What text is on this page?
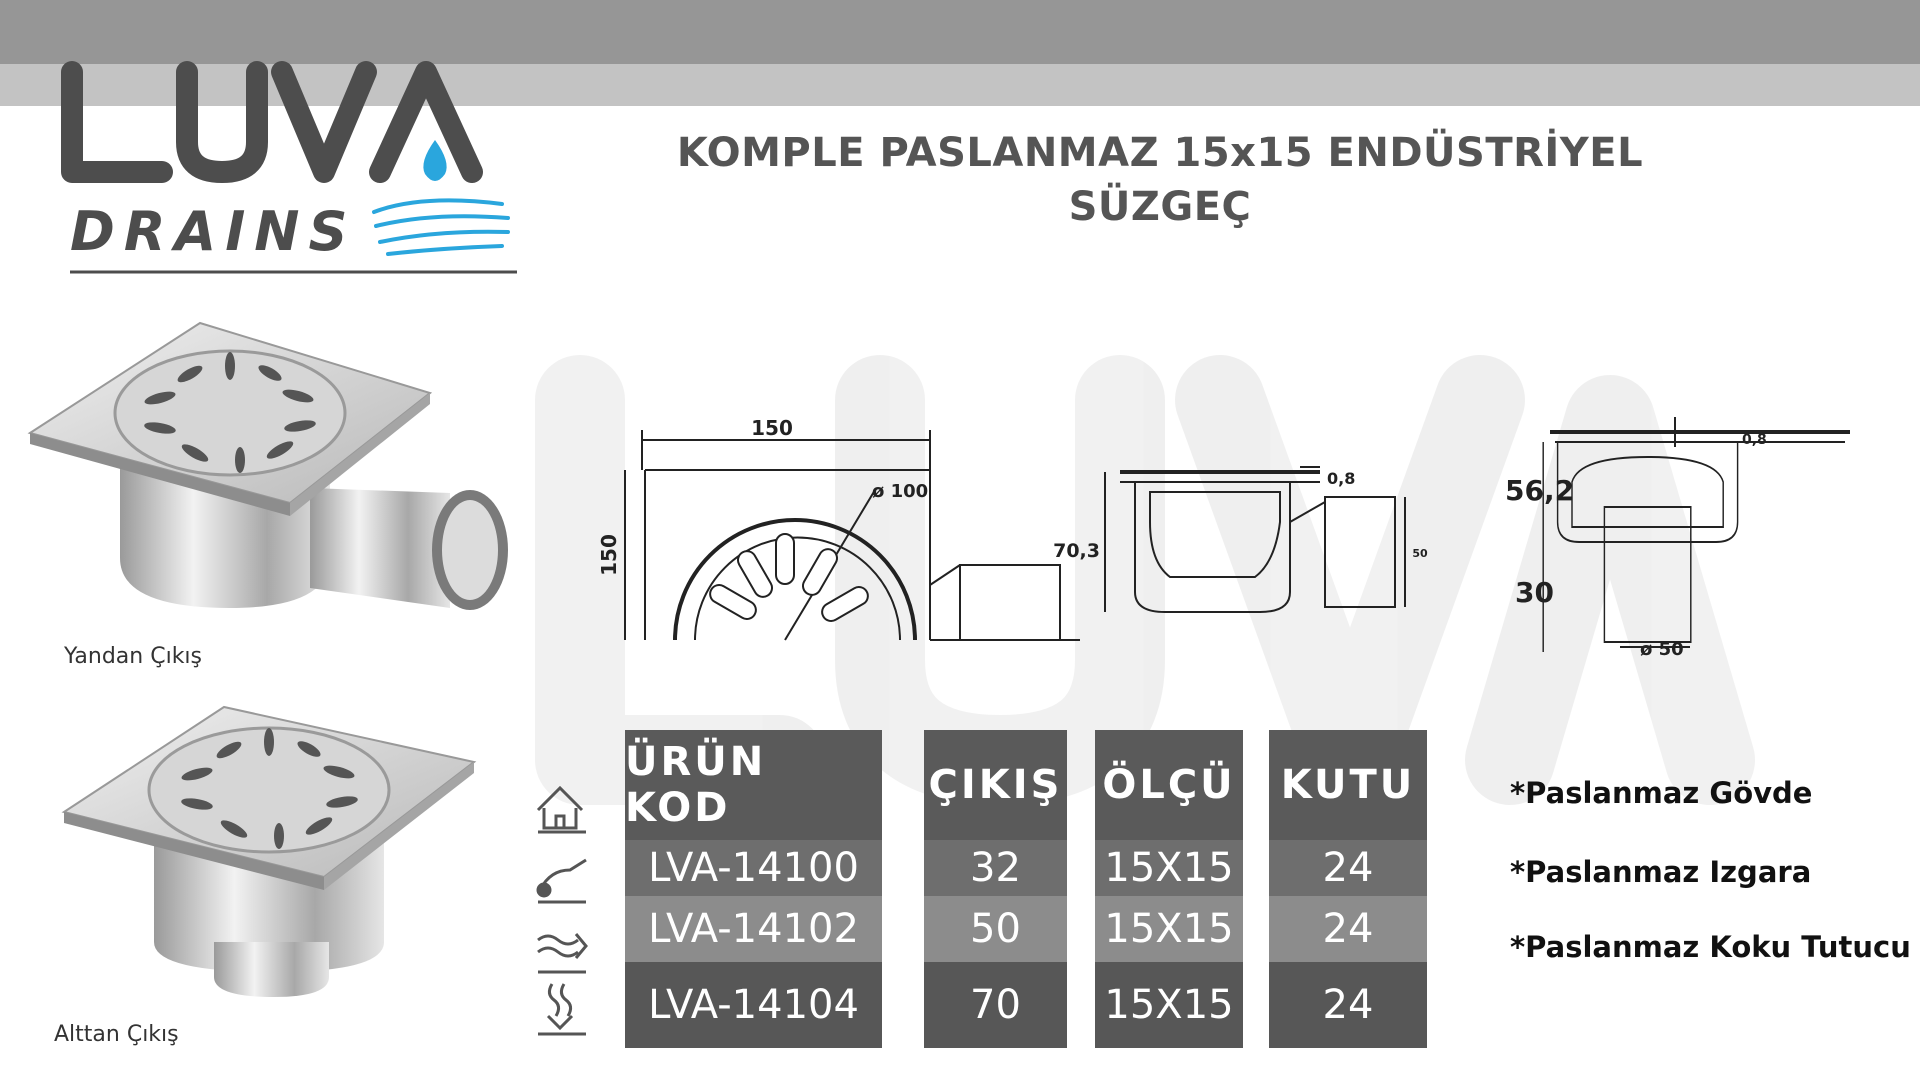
DRAINS
KOMPLE PASLANMAZ 15x15 ENDÜSTRİYEL
SÜZGEÇ
Yandan Çıkış
Alttan Çıkış
150
150
ø 100
70,3
0,8
50
56,2
30
0,8
ø 50
ÜRÜN KOD
LVA-14100
LVA-14102
LVA-14104
ÇIKIŞ
32
50
70
ÖLÇÜ
15X15
15X15
15X15
KUTU
24
24
24
*Paslanmaz Gövde
*Paslanmaz Izgara
*Paslanmaz Koku Tutucu
